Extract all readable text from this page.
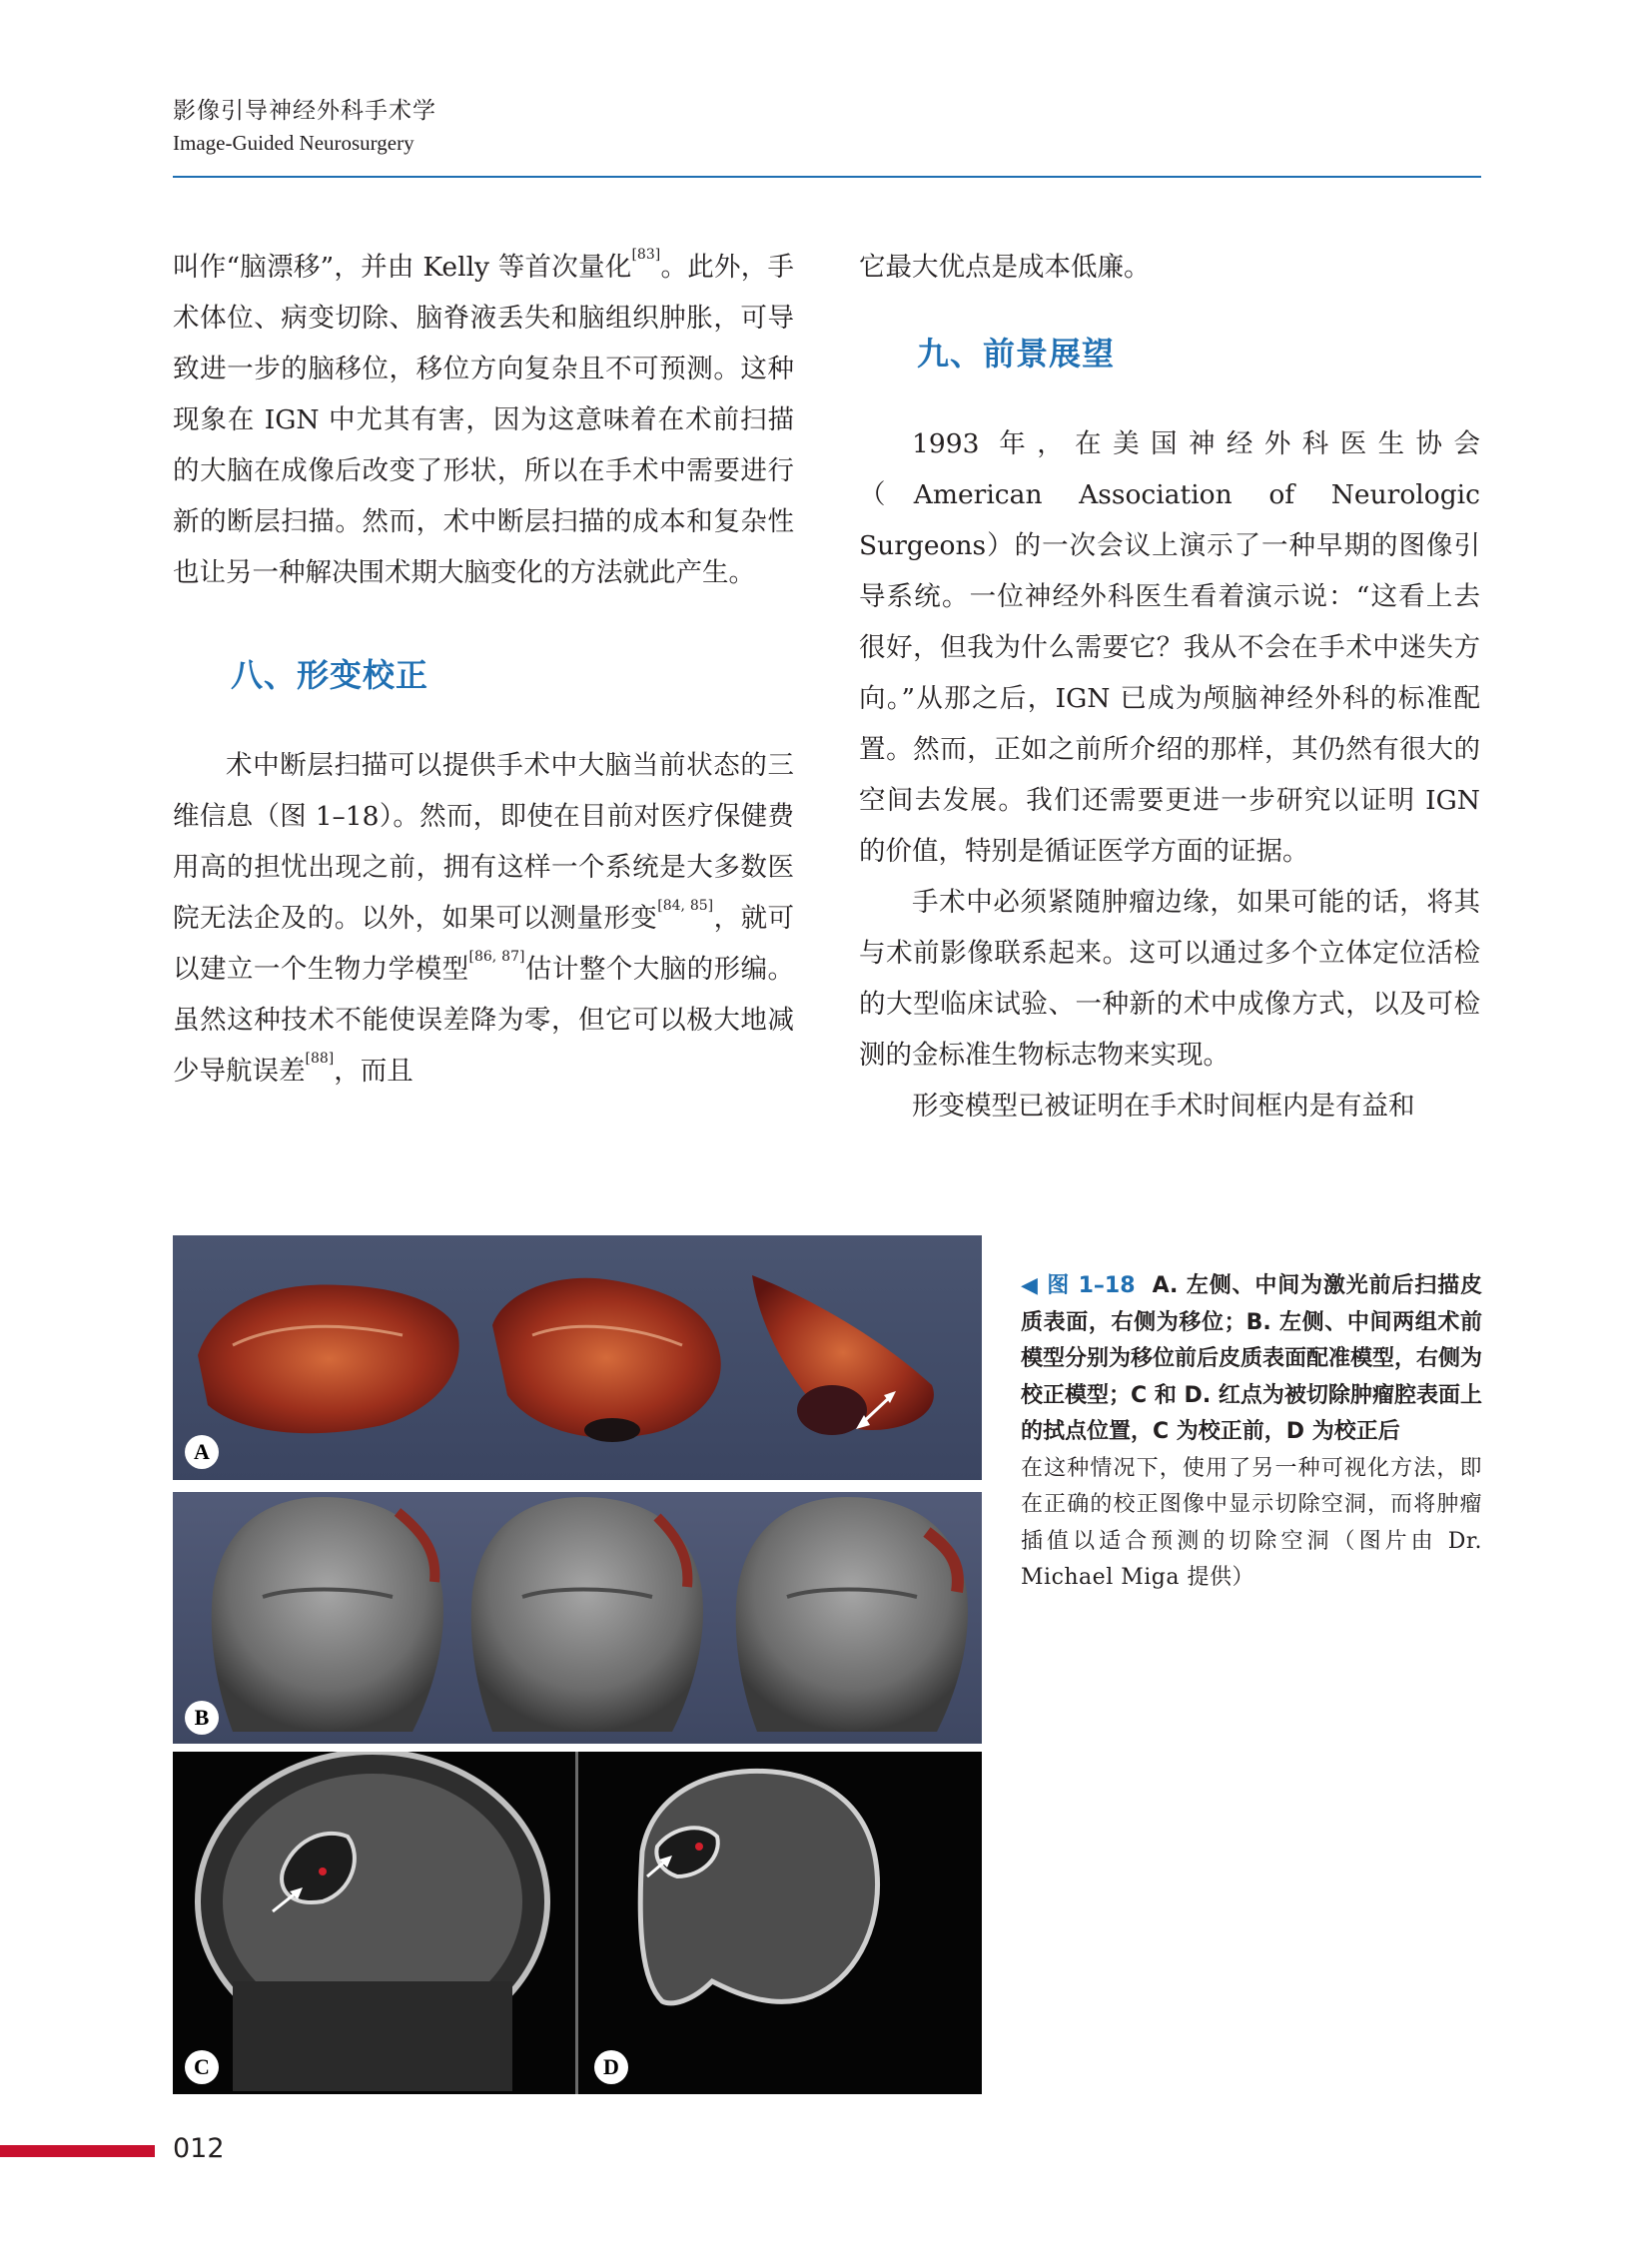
影像引导神经外科手术学
Image-Guided Neurosurgery

叫作“脑漂移”，并由 Kelly 等首次量化[83]。此外，手术体位、病变切除、脑脊液丢失和脑组织肿胀，可导致进一步的脑移位，移位方向复杂且不可预测。这种现象在 IGN 中尤其有害，因为这意味着在术前扫描的大脑在成像后改变了形状，所以在手术中需要进行新的断层扫描。然而，术中断层扫描的成本和复杂性也让另一种解决围术期大脑变化的方法就此产生。

八、形变校正

术中断层扫描可以提供手术中大脑当前状态的三维信息（图 1–18）。然而，即使在目前对医疗保健费用高的担忧出现之前，拥有这样一个系统是大多数医院无法企及的。以外，如果可以测量形变[84, 85]，就可以建立一个生物力学模型[86, 87]估计整个大脑的形编。虽然这种技术不能使误差降为零，但它可以极大地减少导航误差[88]，而且

它最大优点是成本低廉。

九、前景展望

1993 年，在美国神经外科医生协会（American Association of Neurologic Surgeons）的一次会议上演示了一种早期的图像引导系统。一位神经外科医生看着演示说：“这看上去很好，但我为什么需要它？我从不会在手术中迷失方向。”从那之后，IGN 已成为颅脑神经外科的标准配置。然而，正如之前所介绍的那样，其仍然有很大的空间去发展。我们还需要更进一步研究以证明 IGN 的价值，特别是循证医学方面的证据。

手术中必须紧随肿瘤边缘，如果可能的话，将其与术前影像联系起来。这可以通过多个立体定位活检的大型临床试验、一种新的术中成像方式，以及可检测的金标准生物标志物来实现。

形变模型已被证明在手术时间框内是有益和

A
B
C	D

◀ 图 1–18 A. 左侧、中间为激光前后扫描皮质表面，右侧为移位；B. 左侧、中间两组术前模型分别为移位前后皮质表面配准模型，右侧为校正模型；C 和 D. 红点为被切除肿瘤腔表面上的拭点位置，C 为校正前，D 为校正后

在这种情况下，使用了另一种可视化方法，即在正确的校正图像中显示切除空洞，而将肿瘤插值以适合预测的切除空洞（图片由 Dr. Michael Miga 提供）

012
